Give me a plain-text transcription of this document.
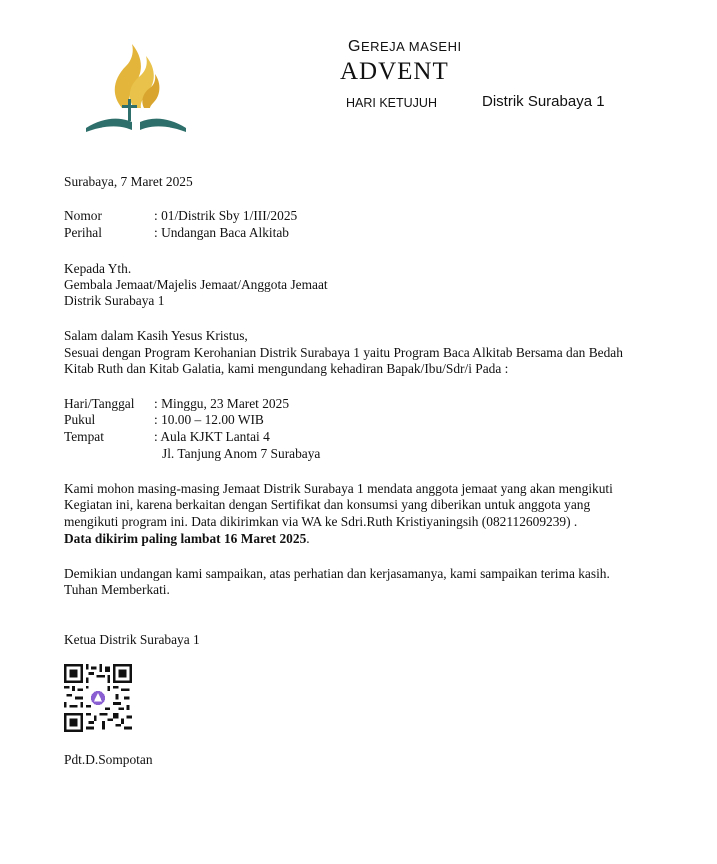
GEREJA MASEHI
ADVENT
HARI KETUJUH	Distrik Surabaya 1
Surabaya, 7 Maret 2025
Nomor	: 01/Distrik Sby 1/III/2025
Perihal	: Undangan Baca Alkitab
Kepada Yth.
Gembala Jemaat/Majelis Jemaat/Anggota Jemaat
Distrik Surabaya 1
Salam dalam Kasih Yesus Kristus,
Sesuai dengan Program Kerohanian Distrik Surabaya 1 yaitu Program Baca Alkitab Bersama dan Bedah
Kitab Ruth dan Kitab Galatia, kami mengundang kehadiran Bapak/Ibu/Sdr/i Pada :
Hari/Tanggal : Minggu, 23 Maret 2025
Pukul	: 10.00 – 12.00 WIB
Tempat	: Aula KJKT Lantai 4
Jl. Tanjung Anom 7 Surabaya
Kami mohon masing-masing Jemaat Distrik Surabaya 1 mendata anggota jemaat yang akan mengikuti
Kegiatan ini, karena berkaitan dengan Sertifikat dan konsumsi yang diberikan untuk anggota yang
mengikuti program ini. Data dikirimkan via WA ke Sdri.Ruth Kristiyaningsih (082112609239) .
Data dikirim paling lambat 16 Maret 2025.
Demikian undangan kami sampaikan, atas perhatian dan kerjasamanya, kami sampaikan terima kasih.
Tuhan Memberkati.
Ketua Distrik Surabaya 1
Pdt.D.Sompotan
